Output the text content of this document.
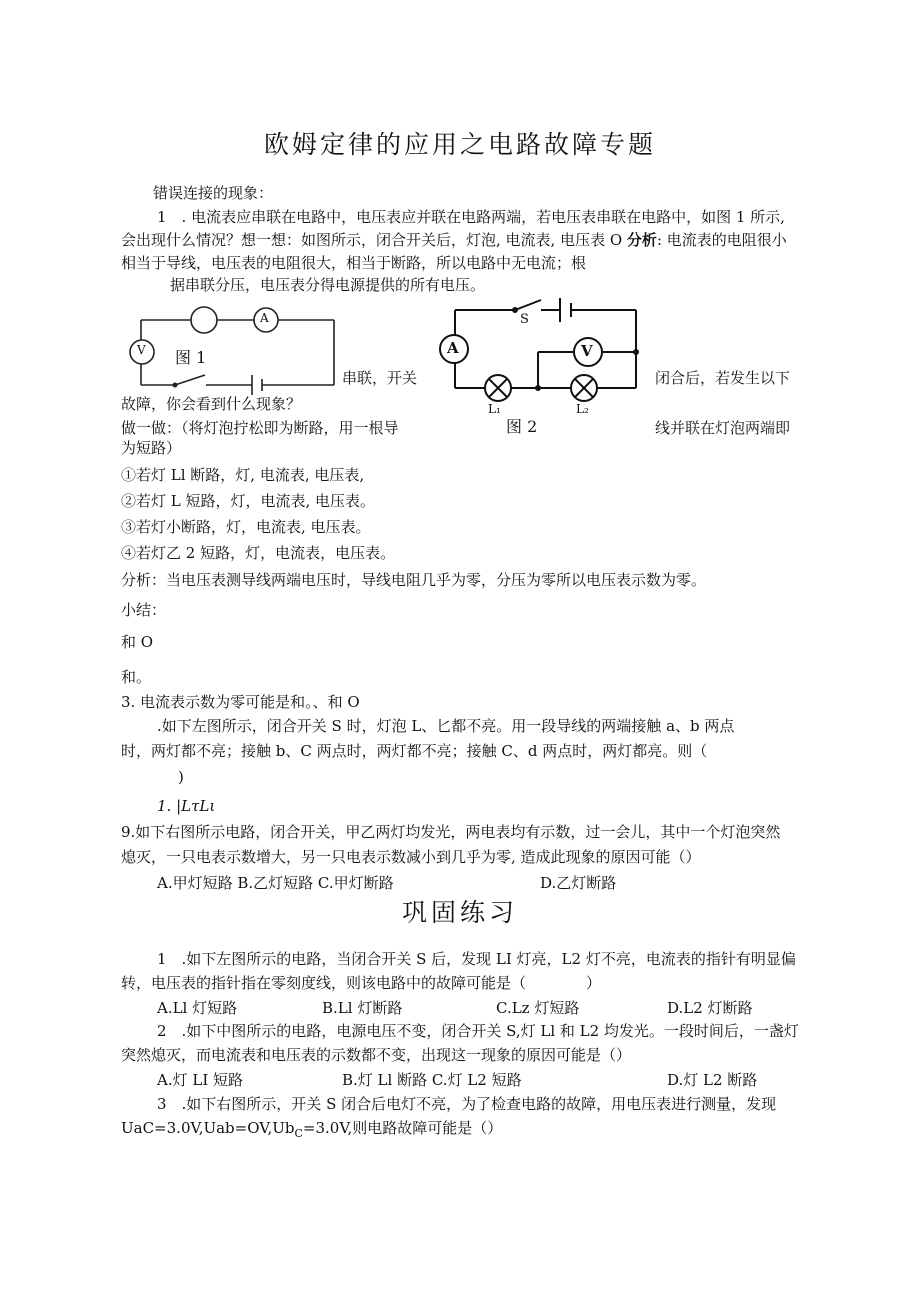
欧姆定律的应用之电路故障专题
错误连接的现象：
1　. 电流表应串联在电路中，电压表应并联在电路两端，若电压表串联在电路中，如图 1 所示,
会出现什么情况？想一想：如图所示，闭合开关后，灯泡, 电流表, 电压表 O 分析: 电流表的电阻很小
相当于导线，电压表的电阻很大，相当于断路，所以电路中无电流；根
据串联分压，电压表分得电源提供的所有电压。
A
V 图 1	A	V
S
L₁	L₂
图 2
串联，开关	闭合后，若发生以下
故障，你会看到什么现象？
做一做：（将灯泡拧松即为断路，用一根导	线并联在灯泡两端即
为短路）
①若灯 Ll 断路，灯, 电流表, 电压表,
②若灯 L 短路，灯，电流表, 电压表。
③若灯小断路，灯，电流表, 电压表。
④若灯乙 2 短路，灯，电流表，电压表。
分析：当电压表测导线两端电压时，导线电阻几乎为零，分压为零所以电压表示数为零。
小结：
和 O
和。
3. 电流表示数为零可能是和。、和 O
.如下左图所示，闭合开关 S 时，灯泡 L、匕都不亮。用一段导线的两端接触 a、b 两点
时，两灯都不亮；接触 b、C 两点时，两灯都不亮；接触 C、d 两点时，两灯都亮。则（
)
1. |LτLι
9.如下右图所示电路，闭合开关，甲乙两灯均发光，两电表均有示数，过一会儿，其中一个灯泡突然
熄灭，一只电表示数增大，另一只电表示数减小到几乎为零, 造成此现象的原因可能（）
A.甲灯短路 B.乙灯短路 C.甲灯断路	D.乙灯断路
巩固练习
1　.如下左图所示的电路，当闭合开关 S 后，发现 LI 灯亮，L2 灯不亮，电流表的指针有明显偏
转，电压表的指针指在零刻度线，则该电路中的故障可能是（　　　　）
A.Ll 灯短路	B.Ll 灯断路	C.Lz 灯短路	D.L2 灯断路
2　.如下中图所示的电路，电源电压不变，闭合开关 S,灯 Ll 和 L2 均发光。一段时间后，一盏灯
突然熄灭，而电流表和电压表的示数都不变，出现这一现象的原因可能是（）
A.灯 LI 短路	B.灯 Ll 断路 C.灯 L2 短路	D.灯 L2 断路
3　.如下右图所示，开关 S 闭合后电灯不亮，为了检查电路的故障，用电压表进行测量，发现
$UaC=3.0V,Uab=OV,Ub_C=3.0V$,则电路故障可能是（）
